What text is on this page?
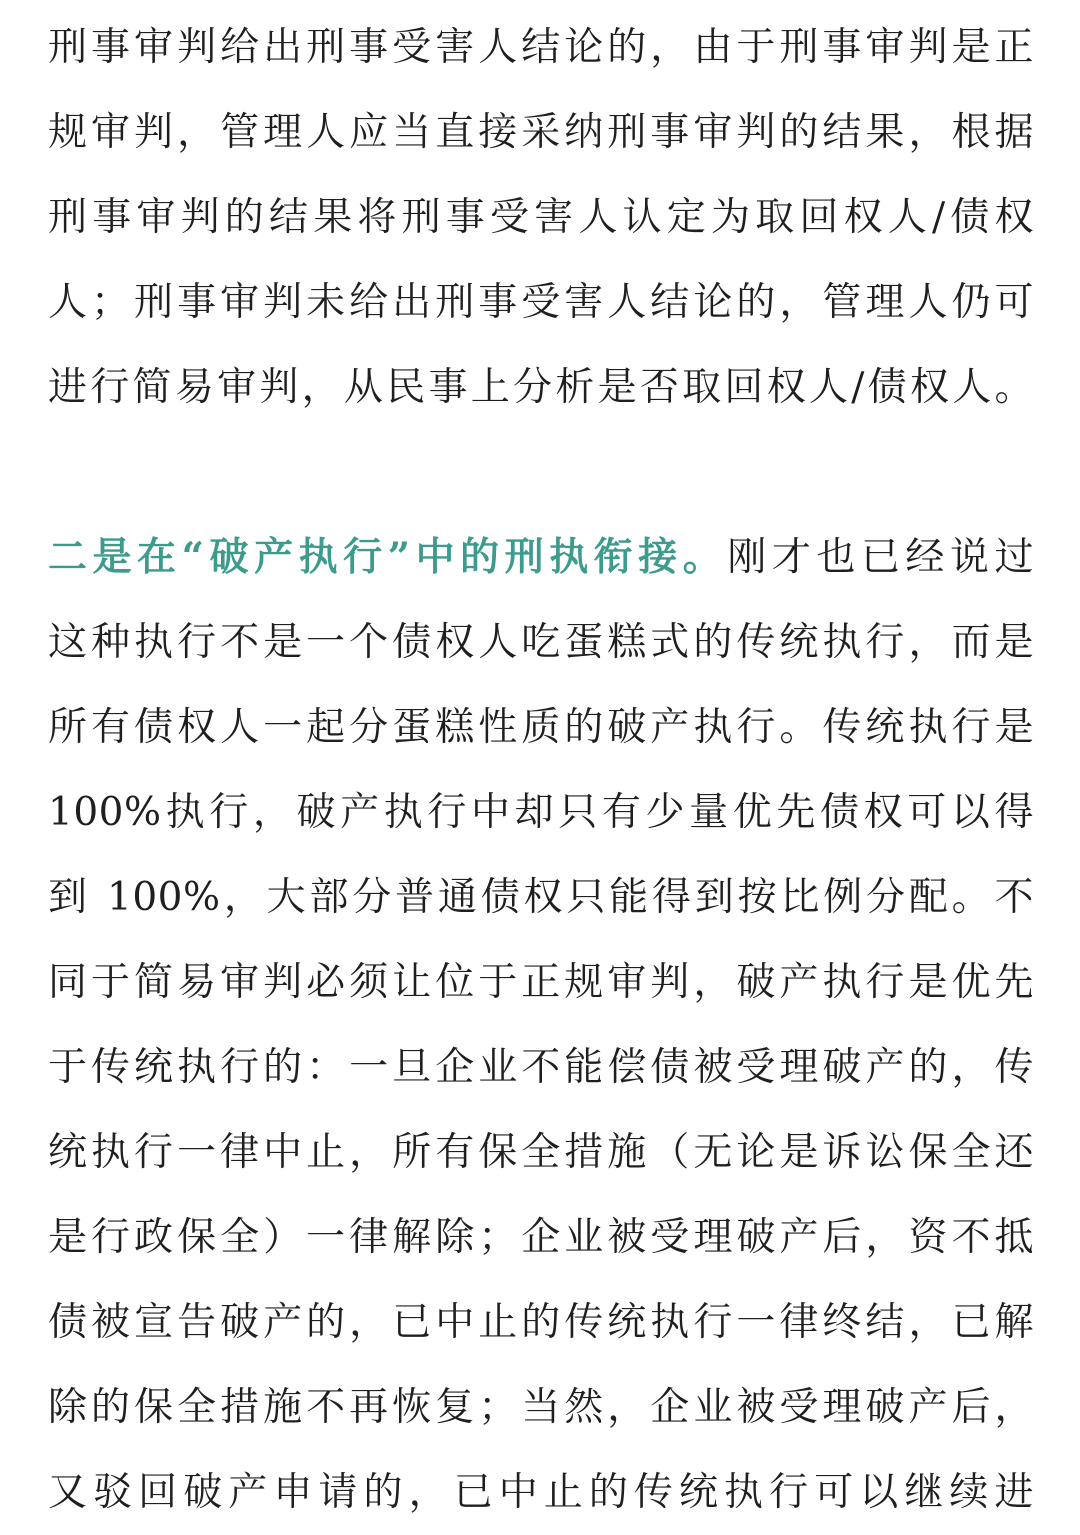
刑事审判给出刑事受害人结论的，由于刑事审判是正
规审判，管理人应当直接采纳刑事审判的结果，根据
刑事审判的结果将刑事受害人认定为取回权人/债权
人；刑事审判未给出刑事受害人结论的，管理人仍可
进行简易审判，从民事上分析是否取回权人/债权人。
二是在“破产执行”中的刑执衔接。刚才也已经说过
这种执行不是一个债权人吃蛋糕式的传统执行，而是
所有债权人一起分蛋糕性质的破产执行。传统执行是
100%执行，破产执行中却只有少量优先债权可以得
到 100%，大部分普通债权只能得到按比例分配。不
同于简易审判必须让位于正规审判，破产执行是优先
于传统执行的：一旦企业不能偿债被受理破产的，传
统执行一律中止，所有保全措施（无论是诉讼保全还
是行政保全）一律解除；企业被受理破产后，资不抵
债被宣告破产的，已中止的传统执行一律终结，已解
除的保全措施不再恢复；当然，企业被受理破产后，
又驳回破产申请的，已中止的传统执行可以继续进
